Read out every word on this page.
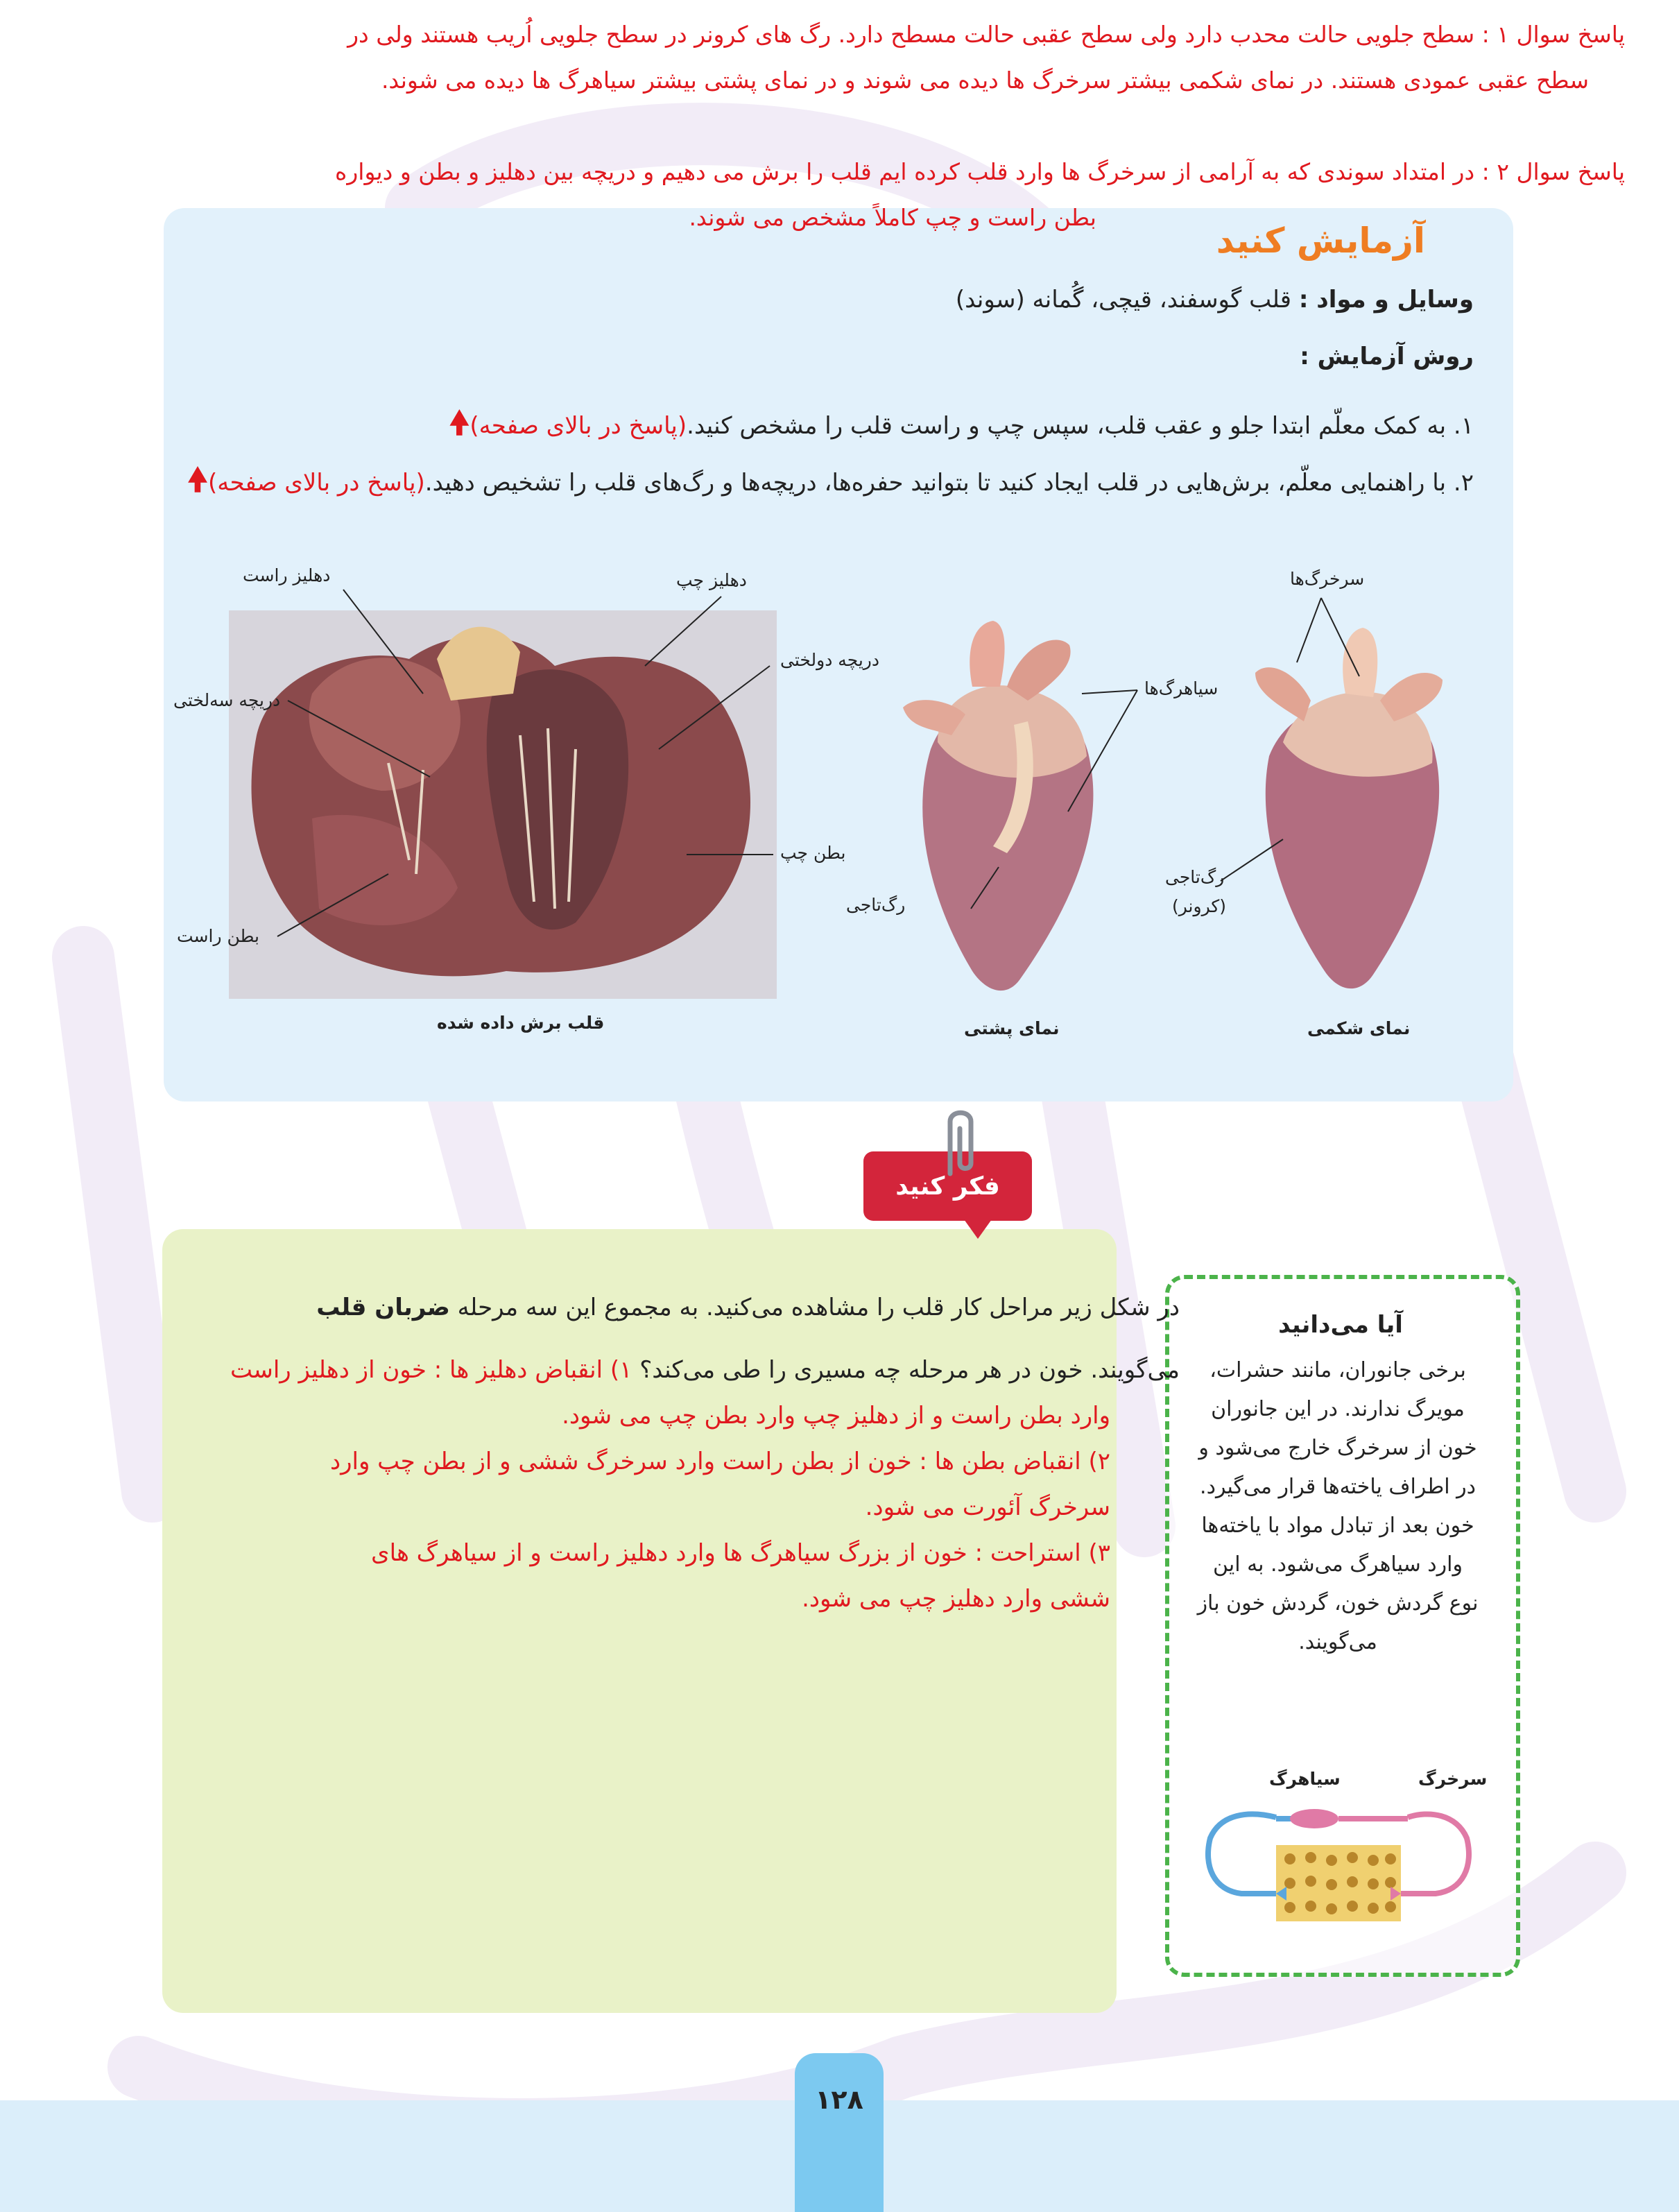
پاسخ سوال ۱ : سطح جلویی حالت محدب دارد ولی سطح عقبی حالت مسطح دارد. رگ های کرونر در سطح جلویی اُریب هستند ولی در
سطح عقبی عمودی هستند. در نمای شکمی بیشتر سرخرگ ها دیده می شوند و در نمای پشتی بیشتر سیاهرگ ها دیده می شوند.
پاسخ سوال ۲ : در امتداد سوندی که به آرامی از سرخرگ ها وارد قلب کرده ایم قلب را برش می دهیم و دریچه بین دهلیز و بطن و دیواره
بطن راست و چپ کاملاً مشخص می شوند.
آزمایش کنید
وسایل و مواد : قلب گوسفند، قیچی، گُمانه (سوند)
روش آزمایش :
۱. به کمک معلّم ابتدا جلو و عقب قلب، سپس چپ و راست قلب را مشخص کنید.(پاسخ در بالای صفحه)🠝
۲. با راهنمایی معلّم، برش‌هایی در قلب ایجاد کنید تا بتوانید حفره‌ها، دریچه‌ها و رگ‌های قلب را تشخیص دهید.(پاسخ در بالای صفحه)🠝
دهلیز راست	دهلیز چپ
دریچه دولختی
دریچه سه‌لختی
بطن چپ
بطن راست
قلب برش داده شده
سیاهرگ‌ها
رگ‌تاجی
نمای پشتی
سرخرگ‌ها
رگ‌تاجی
(کرونر)
نمای شکمی
فکر کنید
در شکل زیر مراحل کار قلب را مشاهده می‌کنید. به مجموع این سه مرحله ضربان قلب
می‌گویند. خون در هر مرحله چه مسیری را طی می‌کند؟ ۱) انقباض دهلیز ها : خون از دهلیز راست
وارد بطن راست و از دهلیز چپ وارد بطن چپ می شود.
۲) انقباض بطن ها : خون از بطن راست وارد سرخرگ ششی و از بطن چپ وارد
سرخرگ آئورت می شود.
۳) استراحت : خون از بزرگ سیاهرگ ها وارد دهلیز راست و از سیاهرگ های
ششی وارد دهلیز چپ می شود.
آیا می‌دانید
برخی جانوران، مانند حشرات،
مویرگ ندارند. در این جانوران
خون از سرخرگ خارج می‌شود و
در اطراف یاخته‌ها قرار می‌گیرد.
خون بعد از تبادل مواد با یاخته‌ها
وارد سیاهرگ می‌شود. به این
نوع گردش خون، گردش خون باز
می‌گویند.
سرخرگ
سیاهرگ
۱۲۸
